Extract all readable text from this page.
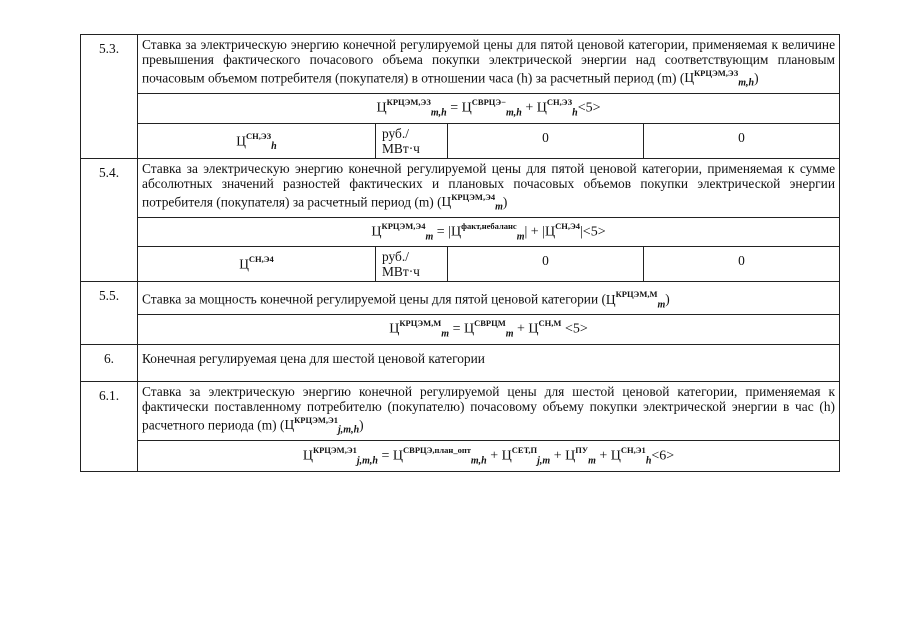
5.3.	Ставка за электрическую энергию конечной регулируемой цены для пятой ценовой категории, применяемая к величине превышения фактического почасового объема покупки электрической энергии над соответствующим плановым почасовым объемом потребителя (покупателя) в отношении часа (h) за расчетный период (m) $(Ц^{КРЦЭМ,ЭЗ}_{m,h})$			
	$Ц^{КРЦЭМ,ЭЗ}_{m,h} = Ц^{СВРЦЭ-}_{m,h} + Ц^{СН,ЭЗ}_h<5>$			
	$Ц^{СН,ЭЗ}_h$	руб./ МВт·ч	0	0
5.4.	Ставка за электрическую энергию конечной регулируемой цены для пятой ценовой категории, применяемая к сумме абсолютных значений разностей фактических и плановых почасовых объемов покупки электрической энергии потребителя (покупателя) за расчетный период (m) $(Ц^{КРЦЭМ,Э4}_m)$			
	$Ц^{КРЦЭМ,Э4}_m = |Ц^{факт,небаланс}_m| + |Ц^{СН,Э4}|<5>$			
	$Ц^{СН,Э4}$	руб./ МВт·ч	0	0
5.5.	Ставка за мощность конечной регулируемой цены для пятой ценовой категории $(Ц^{КРЦЭМ,М}_m)$			
	$Ц^{КРЦЭМ,М}_m = Ц^{СВРЦМ}_m + Ц^{СН,М} <5>$			
6.	Конечная регулируемая цена для шестой ценовой категории			
6.1.	Ставка за электрическую энергию конечной регулируемой цены для шестой ценовой категории, применяемая к фактически поставленному потребителю (покупателю) почасовому объему покупки электрической энергии в час (h) расчетного периода (m) $(Ц^{КРЦЭМ,Э1}_{j,m,h})$			
	$Ц^{КРЦЭМ,Э1}_{j,m,h} = Ц^{СВРЦЭ,план\_опт}_{m,h} + Ц^{СЕТ,П}_{j,m} + Ц^{ПУ}_m + Ц^{СН,Э1}_h<6>$			
